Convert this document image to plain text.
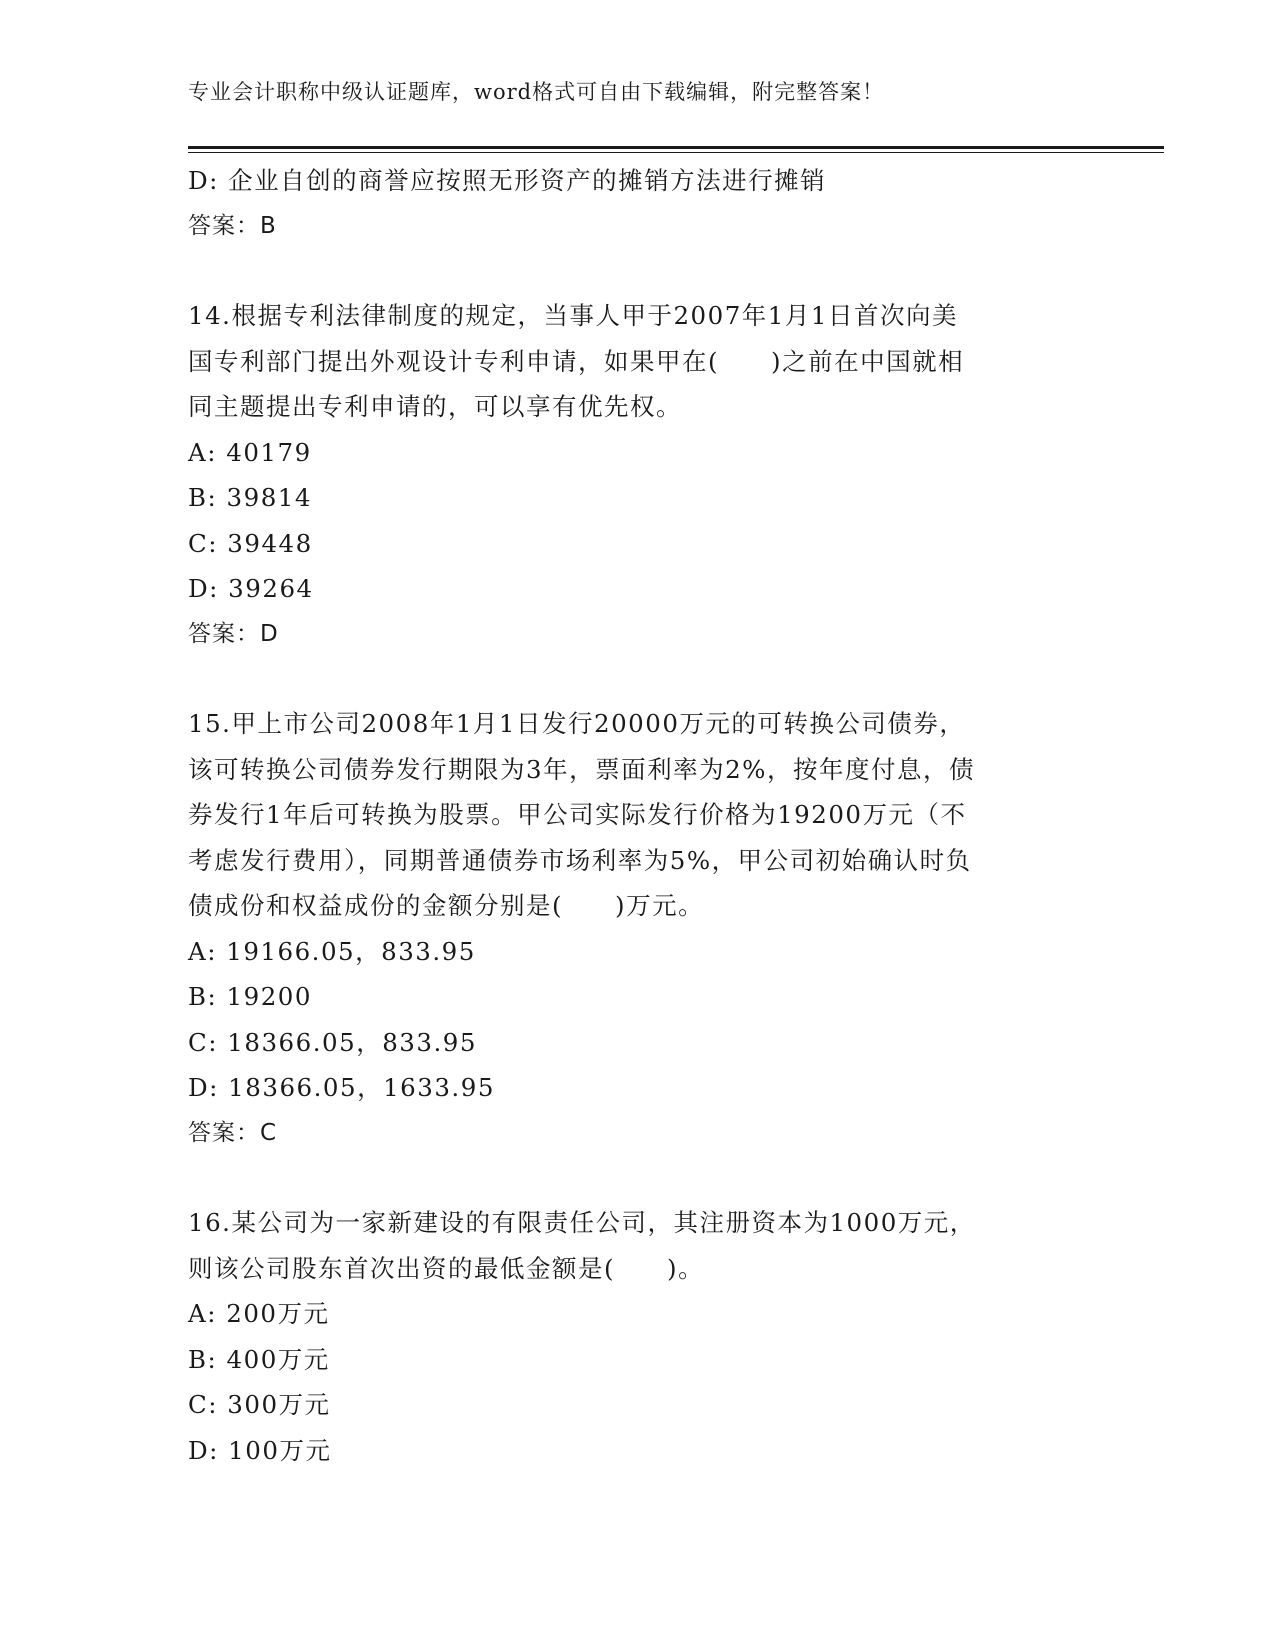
专业会计职称中级认证题库，word格式可自由下载编辑，附完整答案！
D: 企业自创的商誉应按照无形资产的摊销方法进行摊销
答案：B
14.根据专利法律制度的规定，当事人甲于2007年1月1日首次向美
国专利部门提出外观设计专利申请，如果甲在(　　)之前在中国就相
同主题提出专利申请的，可以享有优先权。
A: 40179
B: 39814
C: 39448
D: 39264
答案：D
15.甲上市公司2008年1月1日发行20000万元的可转换公司债券，
该可转换公司债券发行期限为3年，票面利率为2%，按年度付息，债
券发行1年后可转换为股票。甲公司实际发行价格为19200万元（不
考虑发行费用），同期普通债券市场利率为5%，甲公司初始确认时负
债成份和权益成份的金额分别是(　　)万元。
A: 19166.05，833.95
B: 19200
C: 18366.05，833.95
D: 18366.05，1633.95
答案：C
16.某公司为一家新建设的有限责任公司，其注册资本为1000万元，
则该公司股东首次出资的最低金额是(　　)。
A: 200万元
B: 400万元
C: 300万元
D: 100万元
